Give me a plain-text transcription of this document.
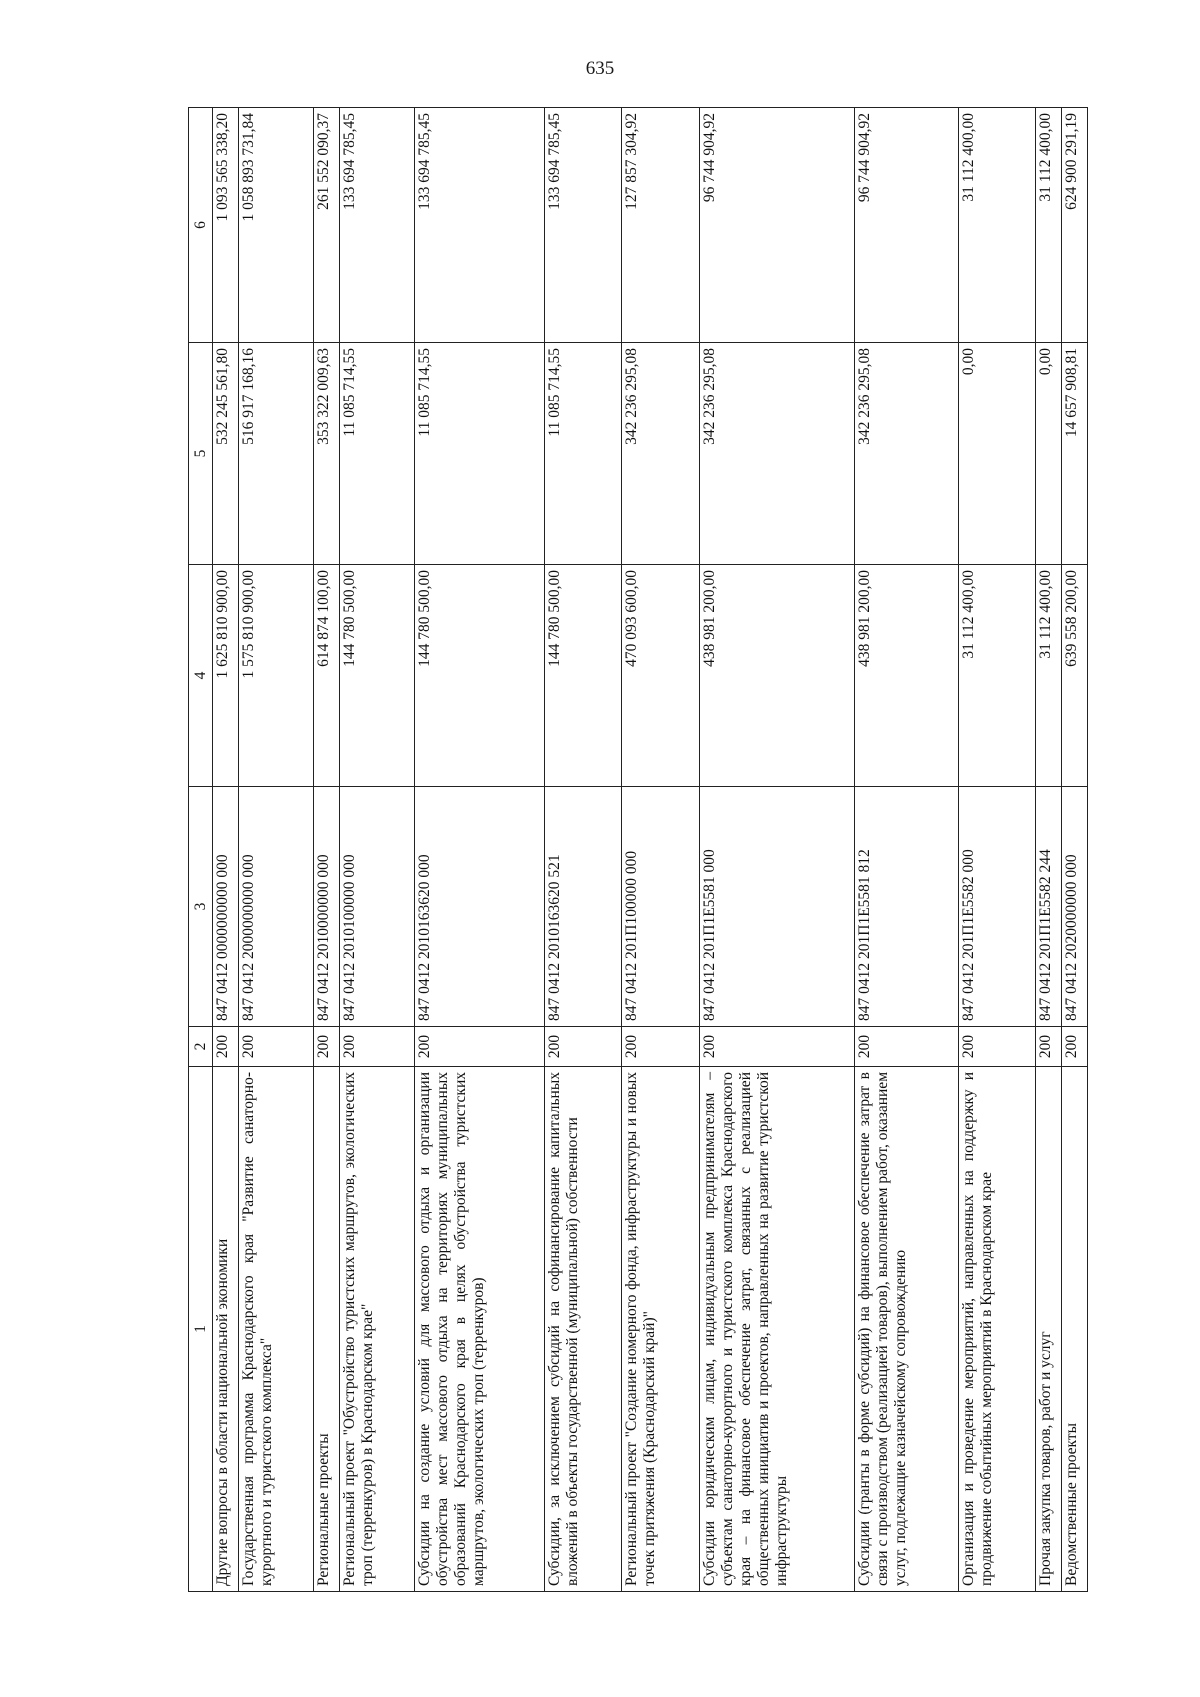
635
1	2	3	4	5	6
Другие вопросы в области национальной экономики	200	847 0412 0000000000 000	1 625 810 900,00	532 245 561,80	1 093 565 338,20
Государственная программа Краснодарского края "Развитие санаторно-курортного и туристского комплекса"	200	847 0412 2000000000 000	1 575 810 900,00	516 917 168,16	1 058 893 731,84
Региональные проекты	200	847 0412 2010000000 000	614 874 100,00	353 322 009,63	261 552 090,37
Региональный проект "Обустройство туристских маршрутов, экологических троп (терренкуров) в Краснодарском крае"	200	847 0412 2010100000 000	144 780 500,00	11 085 714,55	133 694 785,45
Субсидии на создание условий для массового отдыха и организации обустройства мест массового отдыха на территориях муниципальных образований Краснодарского края в целях обустройства туристских маршрутов, экологических троп (терренкуров)	200	847 0412 2010163620 000	144 780 500,00	11 085 714,55	133 694 785,45
Субсидии, за исключением субсидий на софинансирование капитальных вложений в объекты государственной (муниципальной) собственности	200	847 0412 2010163620 521	144 780 500,00	11 085 714,55	133 694 785,45
Региональный проект "Создание номерного фонда, инфраструктуры и новых точек притяжения (Краснодарский край)"	200	847 0412 201П100000 000	470 093 600,00	342 236 295,08	127 857 304,92
Субсидии юридическим лицам, индивидуальным предпринимателям – субъектам санаторно-курортного и туристского комплекса Краснодарского края – на финансовое обеспечение затрат, связанных с реализацией общественных инициатив и проектов, направленных на развитие туристской инфраструктуры	200	847 0412 201П1Е5581 000	438 981 200,00	342 236 295,08	96 744 904,92
Субсидии (гранты в форме субсидий) на финансовое обеспечение затрат в связи с производством (реализацией товаров), выполнением работ, оказанием услуг, подлежащие казначейскому сопровождению	200	847 0412 201П1Е5581 812	438 981 200,00	342 236 295,08	96 744 904,92
Организация и проведение мероприятий, направленных на поддержку и продвижение событийных мероприятий в Краснодарском крае	200	847 0412 201П1Е5582 000	31 112 400,00	0,00	31 112 400,00
Прочая закупка товаров, работ и услуг	200	847 0412 201П1Е5582 244	31 112 400,00	0,00	31 112 400,00
Ведомственные проекты	200	847 0412 2020000000 000	639 558 200,00	14 657 908,81	624 900 291,19
